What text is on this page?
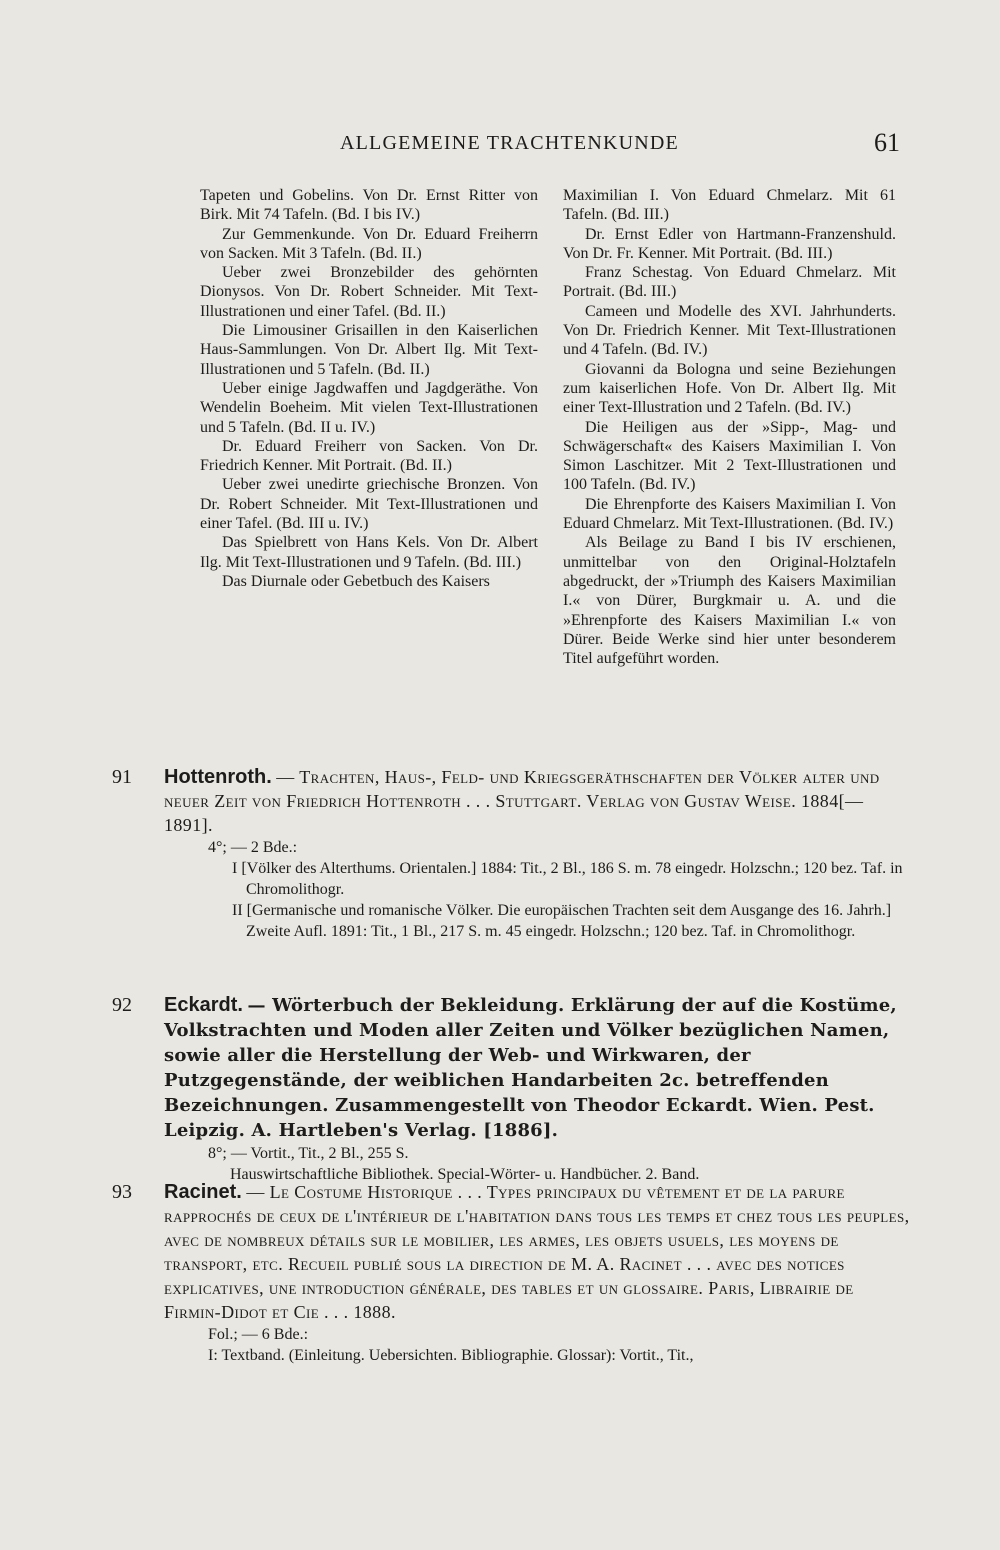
ALLGEMEINE TRACHTENKUNDE	61

Tapeten und Gobelins. Von Dr. Ernst Ritter von Birk. Mit 74 Tafeln. (Bd. I bis IV.)

Zur Gemmenkunde. Von Dr. Eduard Freiherrn von Sacken. Mit 3 Tafeln. (Bd. II.)

Ueber zwei Bronzebilder des gehörnten Dionysos. Von Dr. Robert Schneider. Mit Text-Illustrationen und einer Tafel. (Bd. II.)

Die Limousiner Grisaillen in den Kaiserlichen Haus-Sammlungen. Von Dr. Albert Ilg. Mit Text-Illustrationen und 5 Tafeln. (Bd. II.)

Ueber einige Jagdwaffen und Jagdgeräthe. Von Wendelin Boeheim. Mit vielen Text-Illustrationen und 5 Tafeln. (Bd. II u. IV.)

Dr. Eduard Freiherr von Sacken. Von Dr. Friedrich Kenner. Mit Portrait. (Bd. II.)

Ueber zwei unedirte griechische Bronzen. Von Dr. Robert Schneider. Mit Text-Illustrationen und einer Tafel. (Bd. III u. IV.)

Das Spielbrett von Hans Kels. Von Dr. Albert Ilg. Mit Text-Illustrationen und 9 Tafeln. (Bd. III.)

Das Diurnale oder Gebetbuch des Kaisers

Maximilian I. Von Eduard Chmelarz. Mit 61 Tafeln. (Bd. III.)

Dr. Ernst Edler von Hartmann-Franzenshuld. Von Dr. Fr. Kenner. Mit Portrait. (Bd. III.)

Franz Schestag. Von Eduard Chmelarz. Mit Portrait. (Bd. III.)

Cameen und Modelle des XVI. Jahrhunderts. Von Dr. Friedrich Kenner. Mit Text-Illustrationen und 4 Tafeln. (Bd. IV.)

Giovanni da Bologna und seine Beziehungen zum kaiserlichen Hofe. Von Dr. Albert Ilg. Mit einer Text-Illustration und 2 Tafeln. (Bd. IV.)

Die Heiligen aus der »Sipp-, Mag- und Schwägerschaft« des Kaisers Maximilian I. Von Simon Laschitzer. Mit 2 Text-Illustrationen und 100 Tafeln. (Bd. IV.)

Die Ehrenpforte des Kaisers Maximilian I. Von Eduard Chmelarz. Mit Text-Illustrationen. (Bd. IV.)

Als Beilage zu Band I bis IV erschienen, unmittelbar von den Original-Holztafeln abgedruckt, der »Triumph des Kaisers Maximilian I.« von Dürer, Burgkmair u. A. und die »Ehrenpforte des Kaisers Maximilian I.« von Dürer. Beide Werke sind hier unter besonderem Titel aufgeführt worden.

91	Hottenroth. — Trachten, Haus-, Feld- und Kriegsgeräthschaften der Völker alter und neuer Zeit von Friedrich Hottenroth . . . Stuttgart. Verlag von Gustav Weise. 1884[—1891].

4°; — 2 Bde.:

I [Völker des Alterthums. Orientalen.] 1884: Tit., 2 Bl., 186 S. m. 78 eingedr. Holzschn.; 120 bez. Taf. in Chromolithogr.

II [Germanische und romanische Völker. Die europäischen Trachten seit dem Ausgange des 16. Jahrh.] Zweite Aufl. 1891: Tit., 1 Bl., 217 S. m. 45 eingedr. Holzschn.; 120 bez. Taf. in Chromolithogr.

92	Eckardt. — Wörterbuch der Bekleidung. Erklärung der auf die Kostüme, Volkstrachten und Moden aller Zeiten und Völker bezüglichen Namen, sowie aller die Herstellung der Web- und Wirkwaren, der Putzgegenstände, der weiblichen Handarbeiten 2c. betreffenden Bezeichnungen. Zusammengestellt von Theodor Eckardt. Wien. Pest. Leipzig. A. Hartleben's Verlag. [1886].

8°; — Vortit., Tit., 2 Bl., 255 S.

Hauswirtschaftliche Bibliothek. Special-Wörter- u. Handbücher. 2. Band.

93	Racinet. — Le Costume Historique . . . Types principaux du vêtement et de la parure rapprochés de ceux de l'intérieur de l'habitation dans tous les temps et chez tous les peuples, avec de nombreux détails sur le mobilier, les armes, les objets usuels, les moyens de transport, etc. Recueil publié sous la direction de M. A. Racinet . . . avec des notices explicatives, une introduction générale, des tables et un glossaire. Paris, Librairie de Firmin-Didot et Cie . . . 1888.

Fol.; — 6 Bde.:

I: Textband. (Einleitung. Uebersichten. Bibliographie. Glossar): Vortit., Tit.,
